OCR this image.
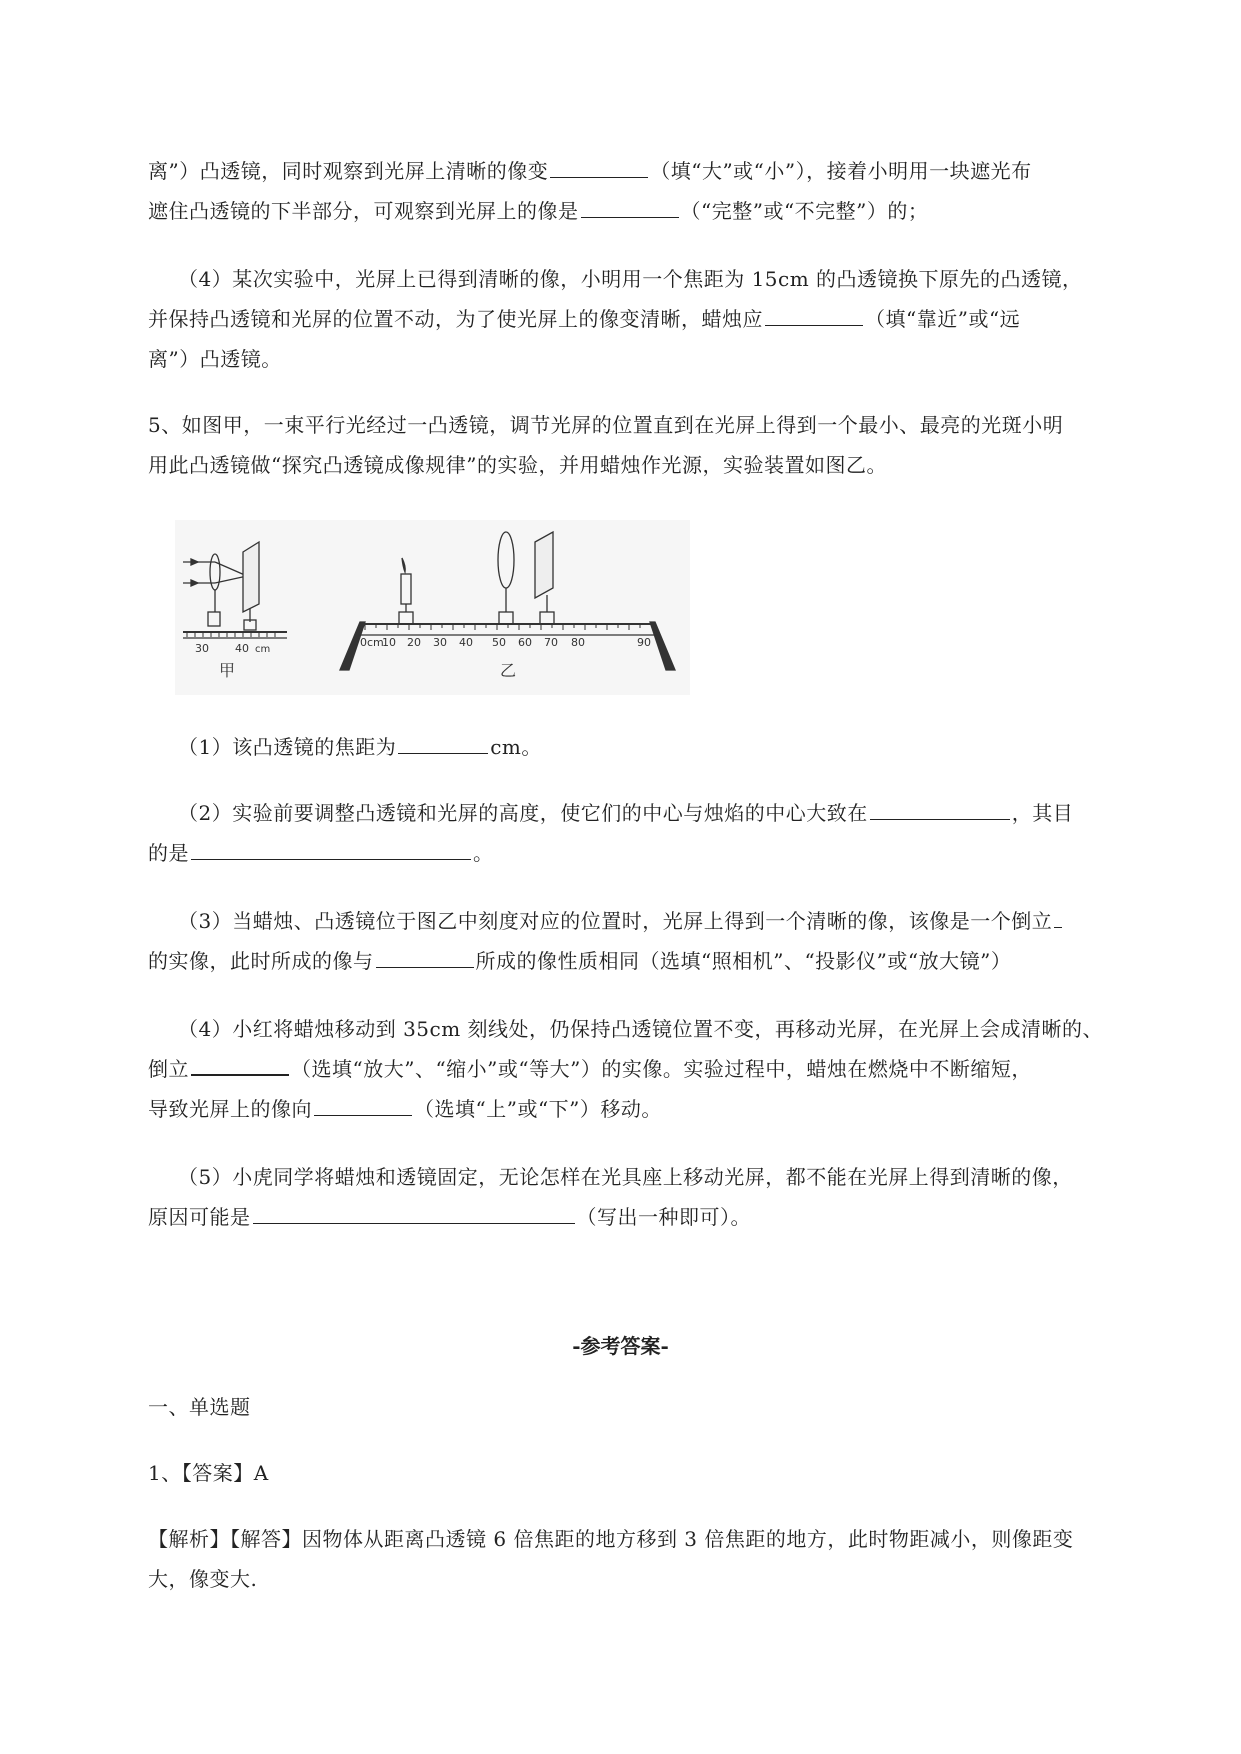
离”）凸透镜，同时观察到光屏上清晰的像变	（填“大”或“小”），接着小明用一块遮光布
遮住凸透镜的下半部分，可观察到光屏上的像是	（“完整”或“不完整”）的；
（4）某次实验中，光屏上已得到清晰的像，小明用一个焦距为 15cm 的凸透镜换下原先的凸透镜，
并保持凸透镜和光屏的位置不动，为了使光屏上的像变清晰，蜡烛应	（填“靠近”或“远
离”）凸透镜。
5、如图甲，一束平行光经过一凸透镜，调节光屏的位置直到在光屏上得到一个最小、最亮的光斑小明
用此凸透镜做“探究凸透镜成像规律”的实验，并用蜡烛作光源，实验装置如图乙。
30 40 cm
甲
0cm
10 20 30 40 50 60 70 80	90
乙
（1）该凸透镜的焦距为	cm。
（2）实验前要调整凸透镜和光屏的高度，使它们的中心与烛焰的中心大致在	，其目
的是	。
（3）当蜡烛、凸透镜位于图乙中刻度对应的位置时，光屏上得到一个清晰的像，该像是一个倒立
的实像，此时所成的像与	所成的像性质相同（选填“照相机”、“投影仪”或“放大镜”）
（4）小红将蜡烛移动到 35cm 刻线处，仍保持凸透镜位置不变，再移动光屏，在光屏上会成清晰的、
倒立	（选填“放大”、“缩小”或“等大”）的实像。实验过程中，蜡烛在燃烧中不断缩短，
导致光屏上的像向	（选填“上”或“下”）移动。
（5）小虎同学将蜡烛和透镜固定，无论怎样在光具座上移动光屏，都不能在光屏上得到清晰的像，
原因可能是	（写出一种即可）。
-参考答案-
一、单选题
1、【答案】A
【解析】【解答】因物体从距离凸透镜 6 倍焦距的地方移到 3 倍焦距的地方，此时物距减小，则像距变
大，像变大.
